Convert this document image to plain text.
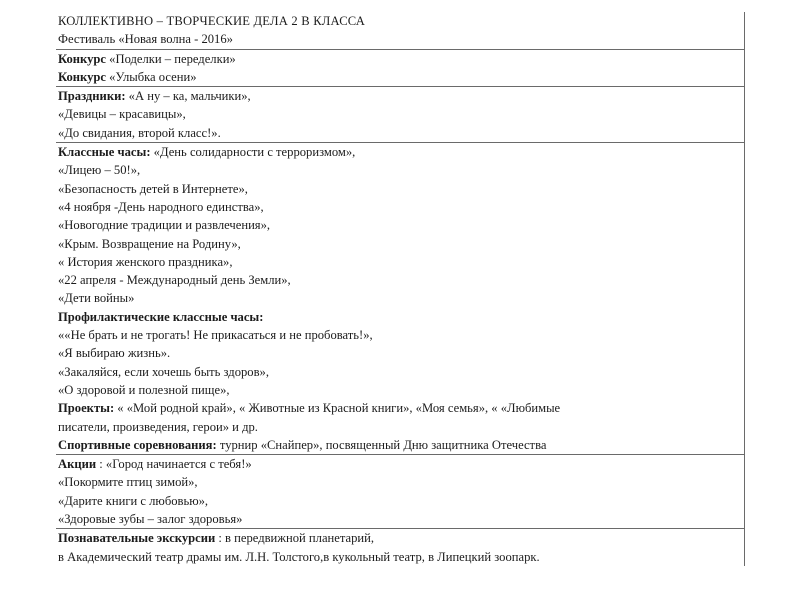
КОЛЛЕКТИВНО – ТВОРЧЕСКИЕ ДЕЛА 2 В КЛАССА
Фестиваль «Новая волна - 2016»
Конкурс «Поделки – переделки»
Конкурс «Улыбка осени»
Праздники: «А ну – ка, мальчики»,
«Девицы – красавицы»,
«До свидания, второй класс!».
Классные часы: «День солидарности с терроризмом»,
«Лицею – 50!»,
«Безопасность детей в Интернете»,
«4 ноября -День народного единства»,
«Новогодние традиции и развлечения»,
«Крым. Возвращение на Родину»,
« История женского праздника»,
«22 апреля - Международный день Земли»,
«Дети войны»
Профилактические классные часы:
««Не брать и не трогать! Не прикасаться и не пробовать!»,
«Я выбираю жизнь».
«Закаляйся, если хочешь быть здоров»,
«О здоровой и полезной пище»,
Проекты: « «Мой родной край», « Животные из Красной книги», «Моя семья», « «Любимые
писатели, произведения, герои» и др.
Спортивные соревнования: турнир «Снайпер», посвященный Дню защитника Отечества
Акции : «Город начинается с тебя!»
«Покормите птиц зимой»,
«Дарите книги с любовью»,
«Здоровые зубы – залог здоровья»
Познавательные экскурсии : в передвижной планетарий,
в Академический театр драмы им. Л.Н. Толстого,в кукольный театр, в Липецкий зоопарк.
